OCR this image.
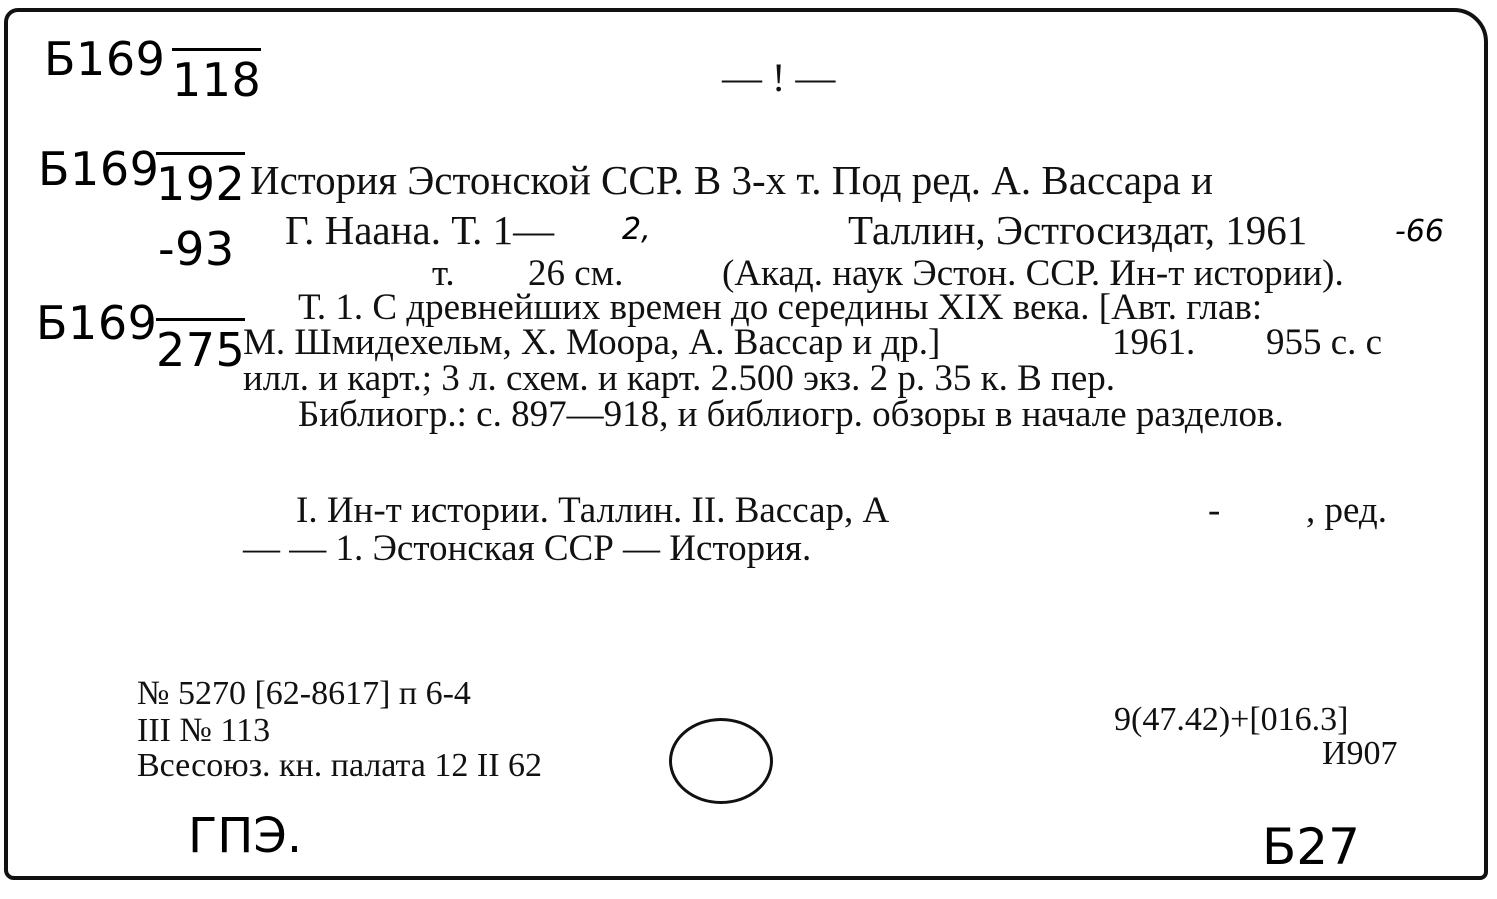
— ! —
Б169 118
Б169
192
-93
Б169
275
История Эстонской ССР. В 3-х т. Под ред. А. Вассара и
Г. Наана. Т. 1— 2,	Таллин, Эстгосиздат, 1961	-66
т. 26 см.	(Акад. наук Эстон. ССР. Ин-т истории).
Т. 1. С древнейших времен до середины XIX века. [Авт. глав:
М. Шмидехельм, Х. Моора, А. Вассар и др.]	1961. 955 с. с
илл. и карт.; 3 л. схем. и карт. 2.500 экз. 2 р. 35 к. В пер.
Библиогр.: с. 897—918, и библиогр. обзоры в начале разделов.
I. Ин-т истории. Таллин. II. Вассар, А	- , ред.
— — 1. Эстонская ССР — История.
№ 5270 [62-8617] п 6-4
III № 113
Всесоюз. кн. палата 12 II 62
9(47.42)+[016.3]
И907
ГПЭ.	Б27
